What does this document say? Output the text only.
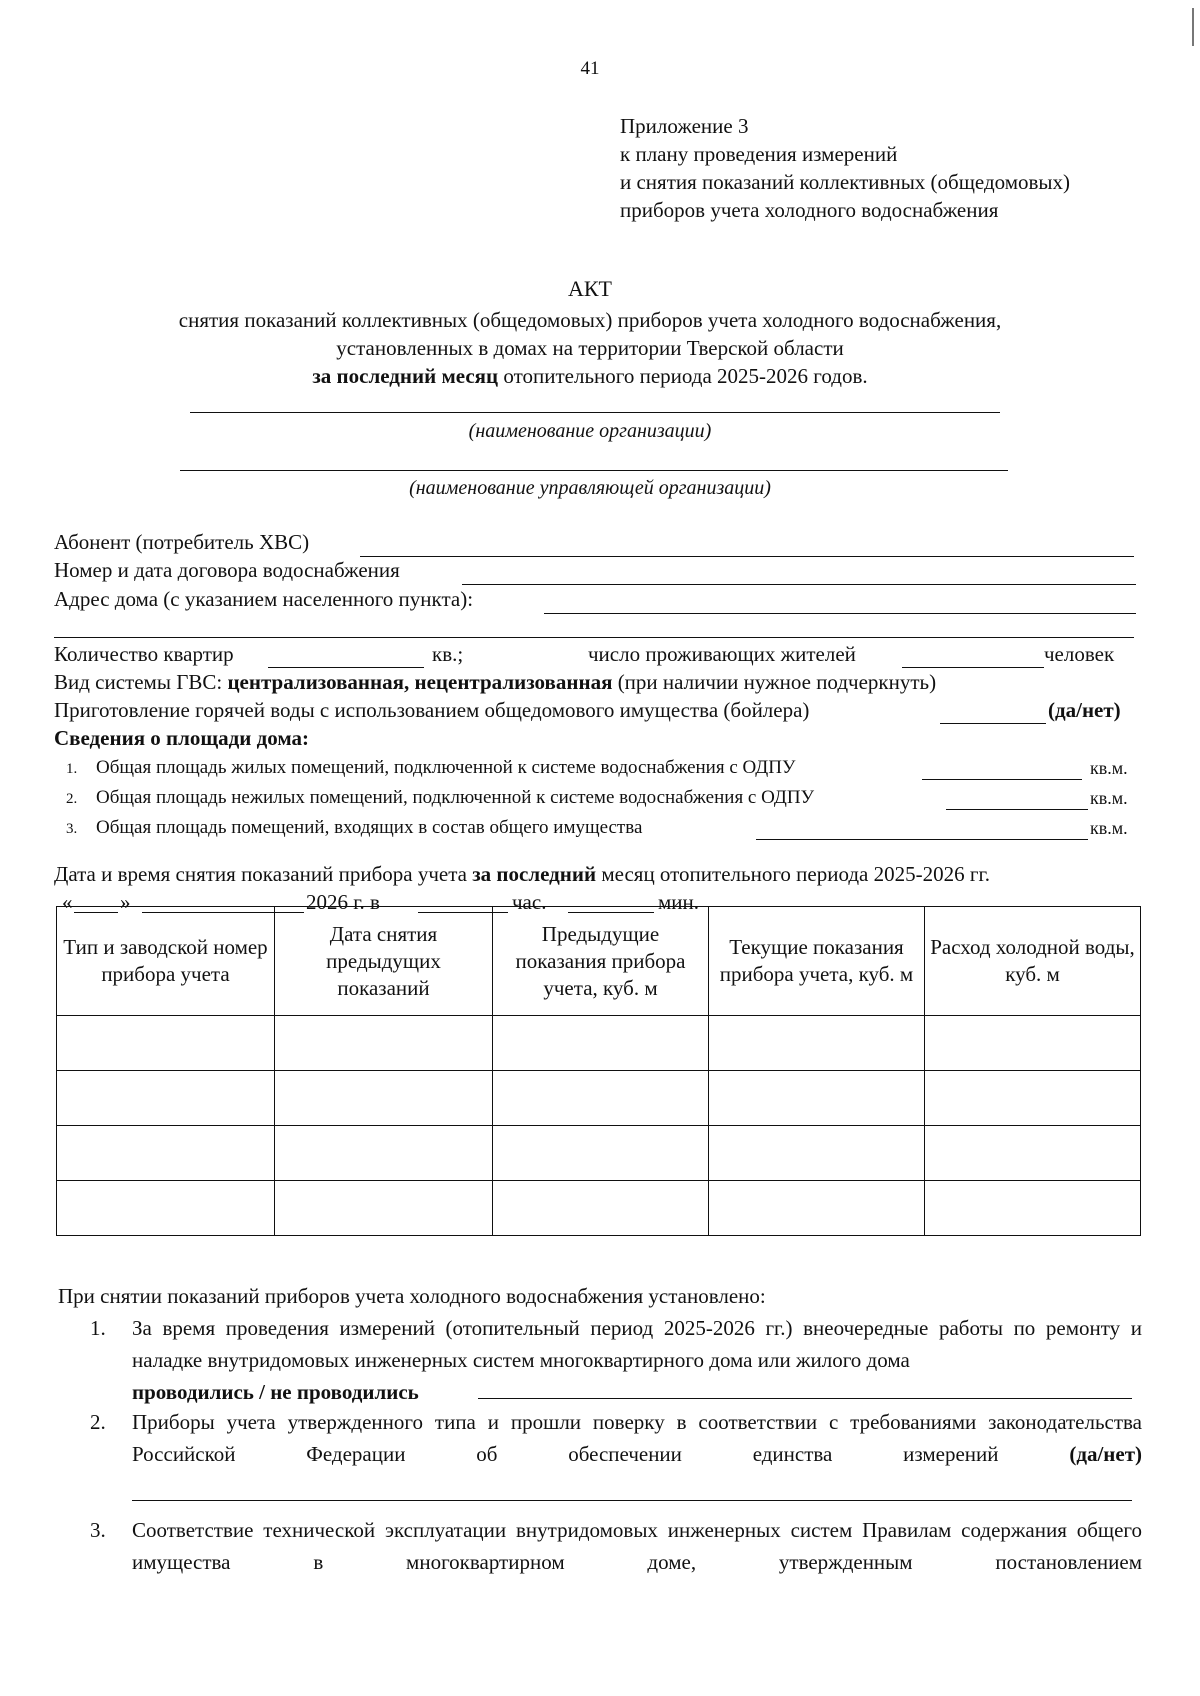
41
Приложение 3
к плану проведения измерений
и снятия показаний коллективных (общедомовых)
приборов учета холодного водоснабжения
АКТ
снятия показаний коллективных (общедомовых) приборов учета холодного водоснабжения,
установленных в домах на территории Тверской области
за последний месяц отопительного периода 2025-2026 годов.
(наименование организации)
(наименование управляющей организации)
Абонент (потребитель ХВС)
Номер и дата договора водоснабжения
Адрес дома (с указанием населенного пункта):
Количество квартир	кв.;	число проживающих жителей	человек
Вид системы ГВС: централизованная, нецентрализованная (при наличии нужное подчеркнуть)
Приготовление горячей воды с использованием общедомового имущества (бойлера)	(да/нет)
Сведения о площади дома:
1. Общая площадь жилых помещений, подключенной к системе водоснабжения с ОДПУ	кв.м.
2. Общая площадь нежилых помещений, подключенной к системе водоснабжения с ОДПУ	кв.м.
3. Общая площадь помещений, входящих в состав общего имущества	кв.м.
Дата и время снятия показаний прибора учета за последний месяц отопительного периода 2025-2026 гг.
« »	2026 г. в	час.	мин.
Тип и заводской номер прибора учета	Дата снятия предыдущих показаний	Предыдущие показания прибора учета, куб. м	Текущие показания прибора учета, куб. м	Расход холодной воды, куб. м

При снятии показаний приборов учета холодного водоснабжения установлено:
1. За время проведения измерений (отопительный период 2025-2026 гг.) внеочередные работы по ремонту и наладке внутридомовых инженерных систем многоквартирного дома или жилого дома
проводились / не проводились
2. Приборы учета утвержденного типа и прошли поверку в соответствии с требованиями законодательства Российской Федерации об обеспечении единства измерений	(да/нет)
3. Соответствие технической эксплуатации внутридомовых инженерных систем Правилам содержания общего имущества в многоквартирном доме, утвержденным постановлением
